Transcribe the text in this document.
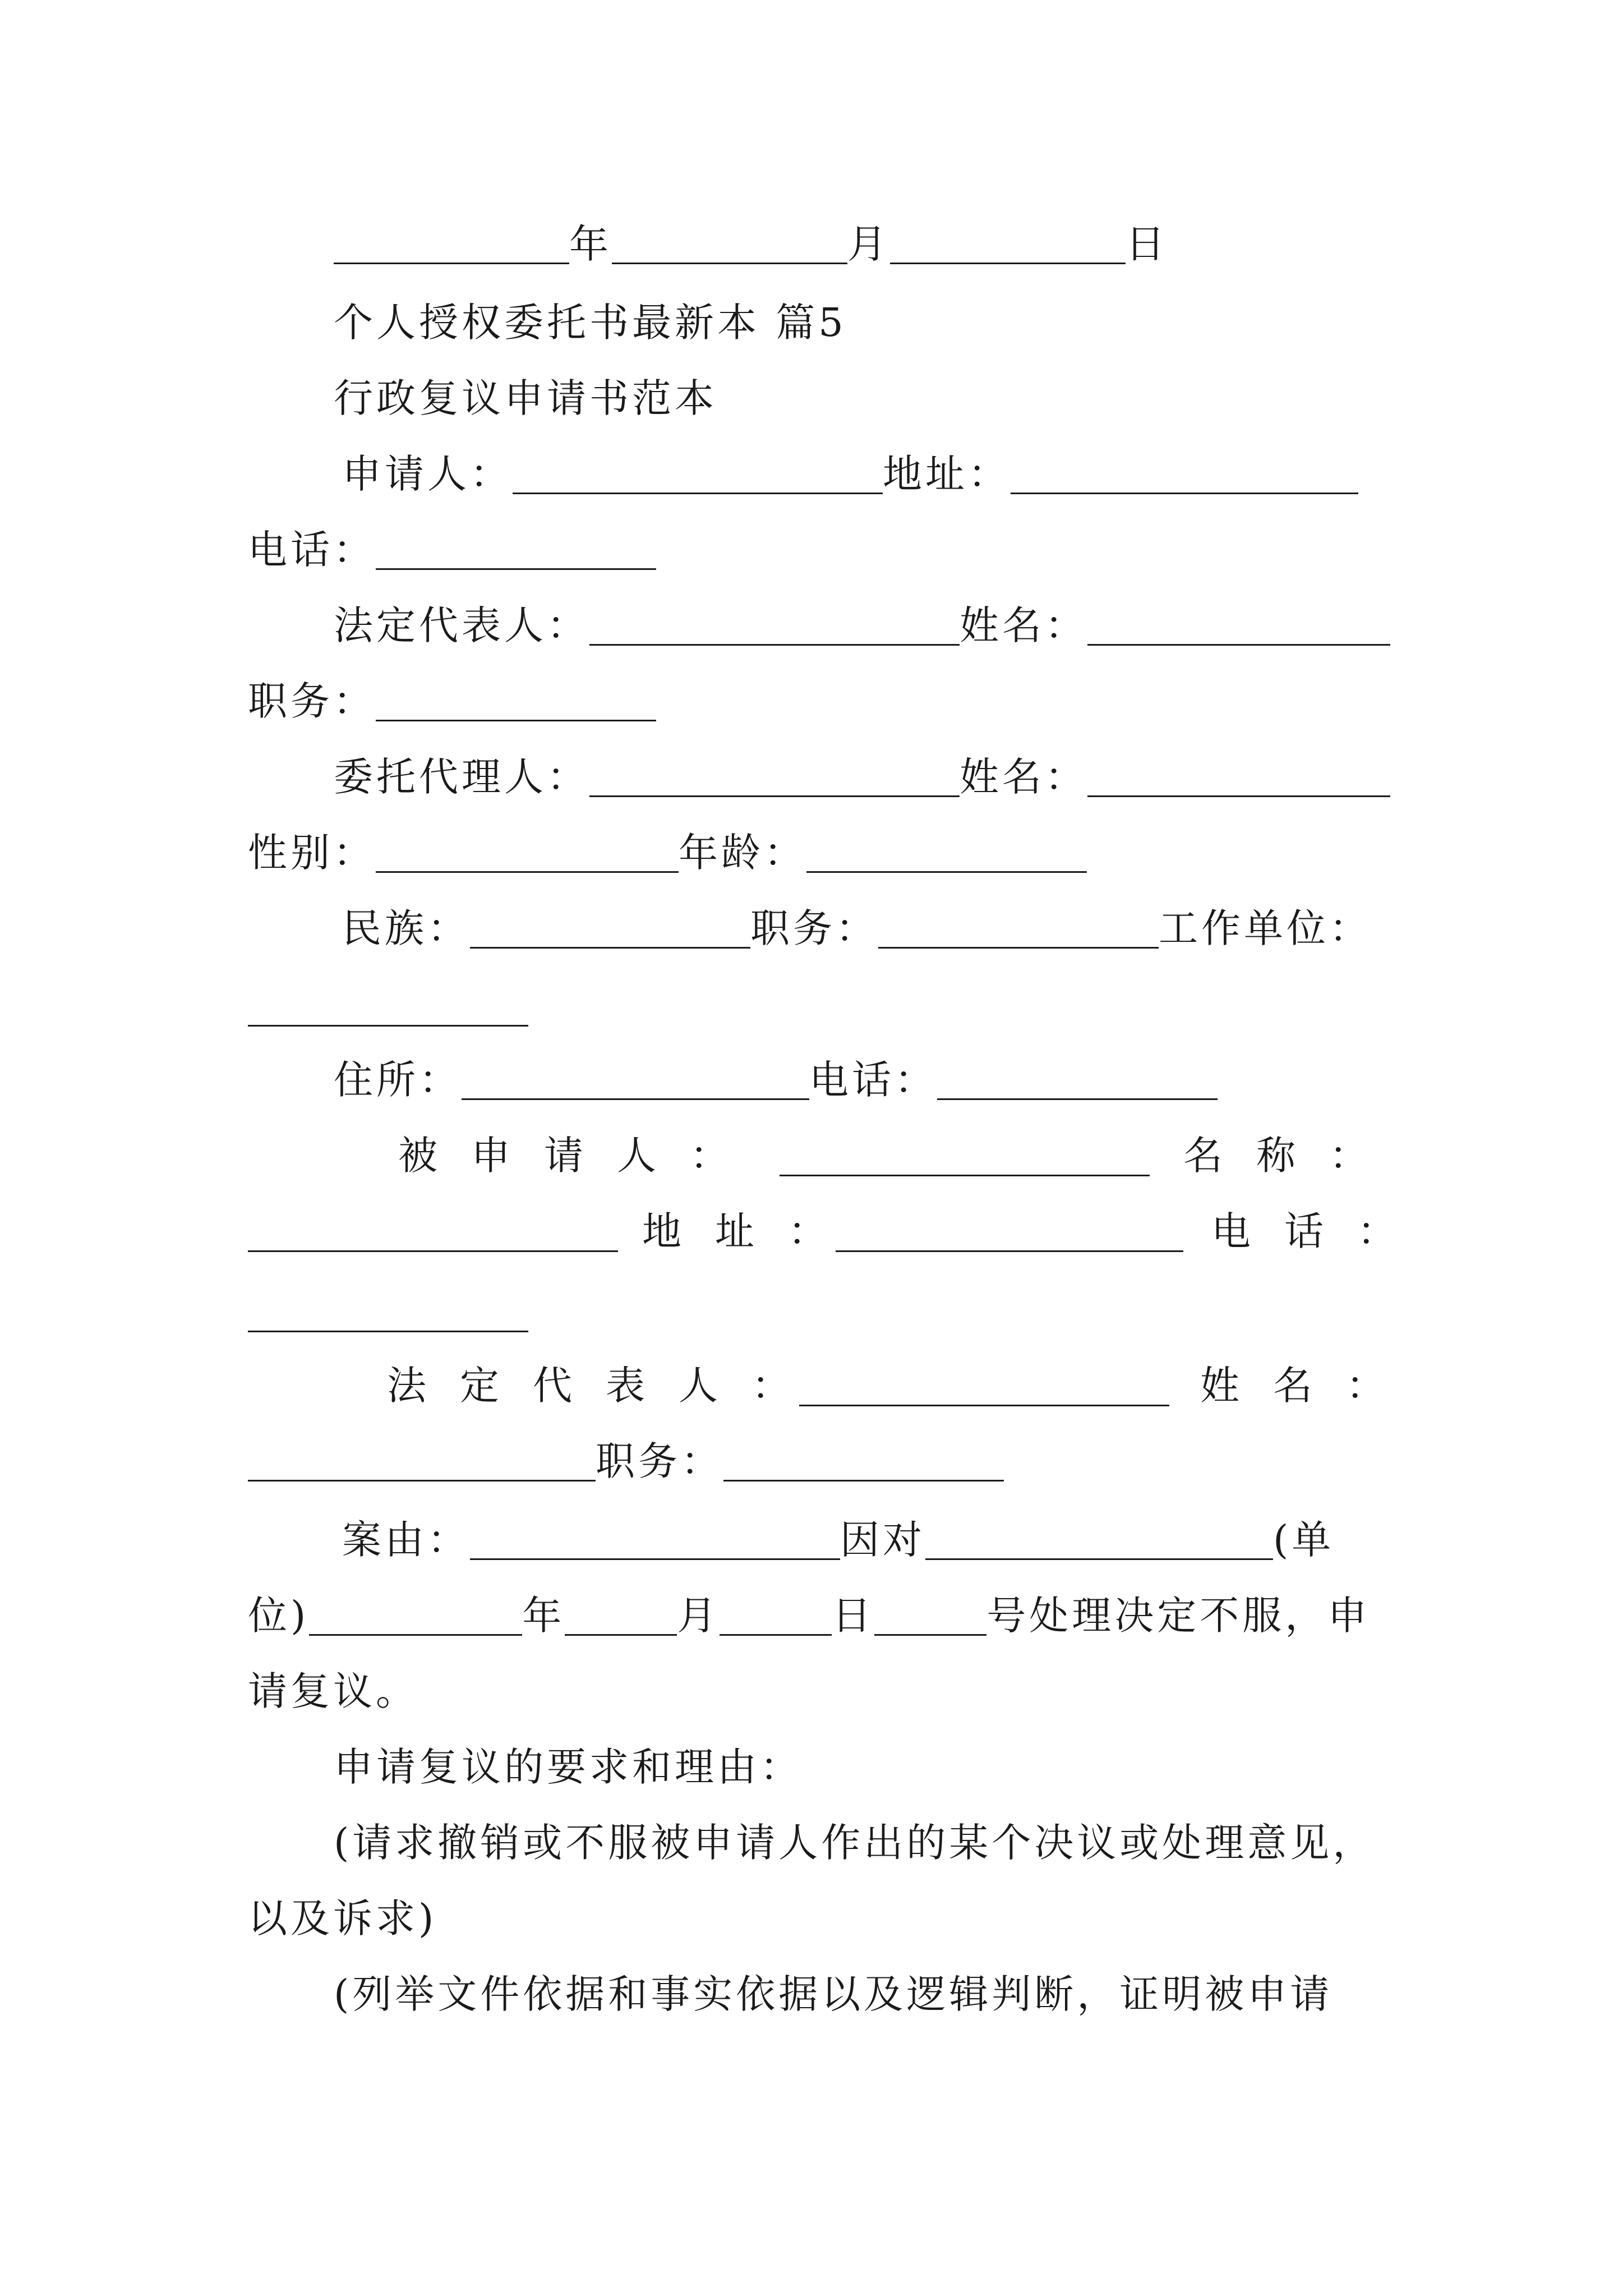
年	月	日
个人授权委托书最新本 篇5
行政复议申请书范本
申请人：	地址：
电话：
法定代表人：	姓名：
职务：
委托代理人：	姓名：
性别：	年龄：
民族：	职务：	工作单位：
住所：	电话：
被申请人：	名称：
地址：	电话：
法定代表人：	姓名：
职务：
案由：	因对	(单
位)	年	月	日	号处理决定不服，申
请复议。
申请复议的要求和理由：
(请求撤销或不服被申请人作出的某个决议或处理意见，
以及诉求)
(列举文件依据和事实依据以及逻辑判断，证明被申请
